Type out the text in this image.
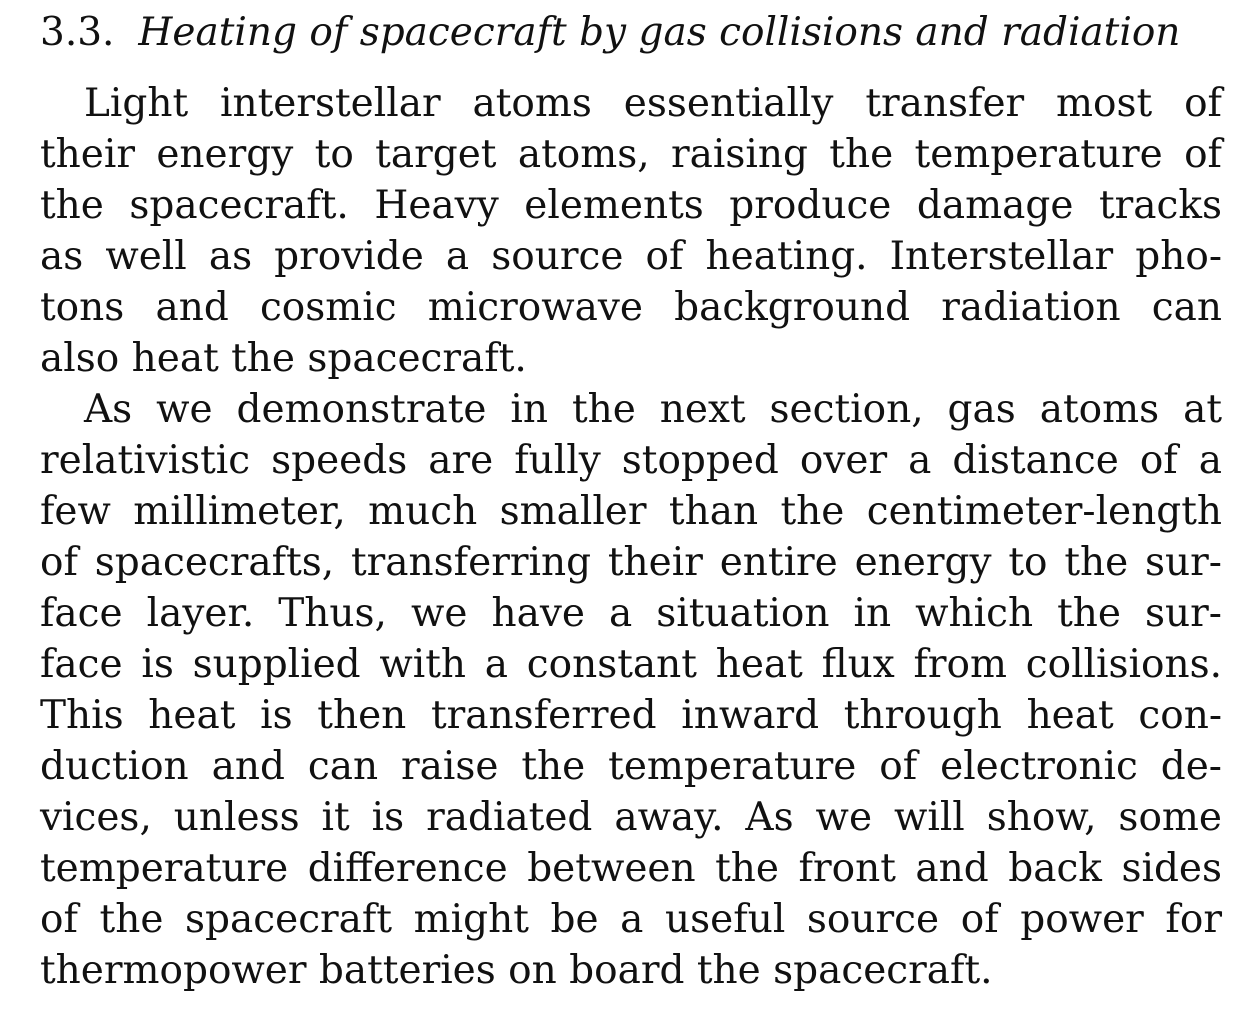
3.3. Heating of spacecraft by gas collisions and radiation
Light interstellar atoms essentially transfer most of
their energy to target atoms, raising the temperature of
the spacecraft. Heavy elements produce damage tracks
as well as provide a source of heating. Interstellar pho-
tons and cosmic microwave background radiation can
also heat the spacecraft.
As we demonstrate in the next section, gas atoms at
relativistic speeds are fully stopped over a distance of a
few millimeter, much smaller than the centimeter-length
of spacecrafts, transferring their entire energy to the sur-
face layer. Thus, we have a situation in which the sur-
face is supplied with a constant heat flux from collisions.
This heat is then transferred inward through heat con-
duction and can raise the temperature of electronic de-
vices, unless it is radiated away. As we will show, some
temperature difference between the front and back sides
of the spacecraft might be a useful source of power for
thermopower batteries on board the spacecraft.
